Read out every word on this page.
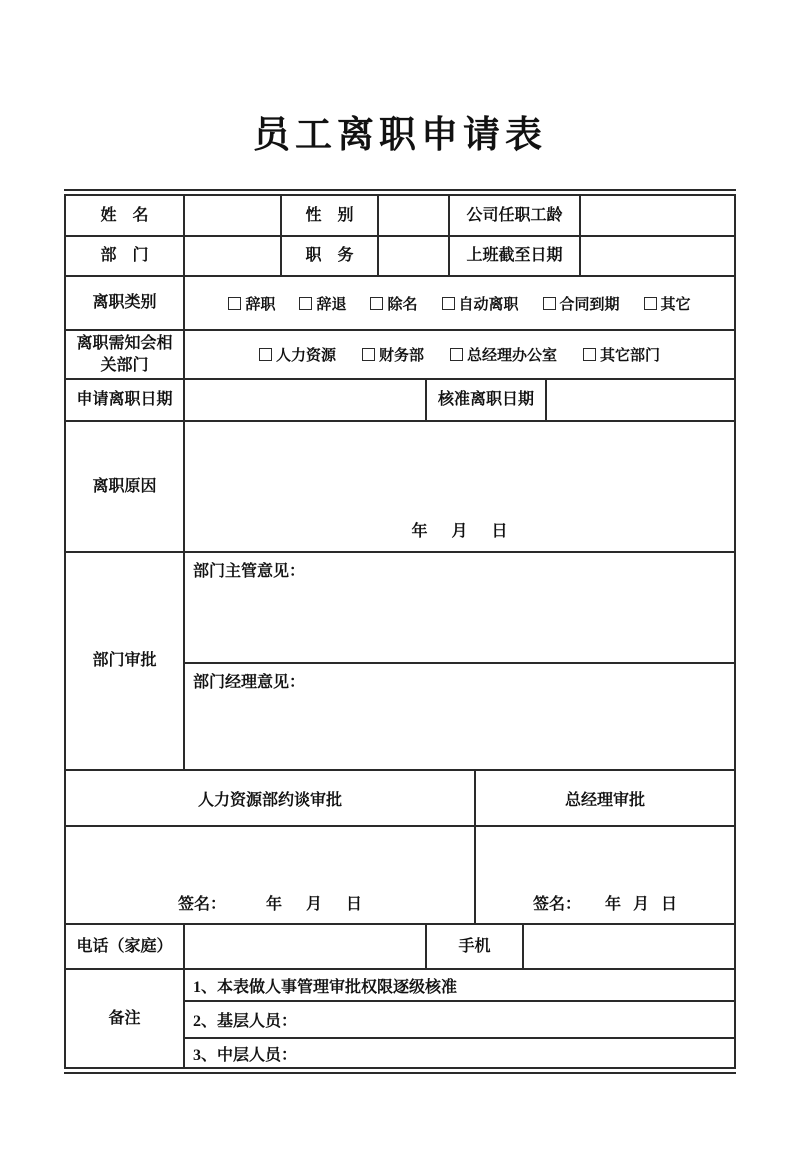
员工离职申请表
姓    名		性    别			公司任职工龄				
部    门		职    务			上班截至日期				
离职类别	辞职	辞退	除名	自动离职	合同到期	其它

离职需知会相关部门	人力资源 财务部 总经理办公室 其它部门								

申请离职日期				核准离职日期					
离职原因	年      月      日								
部门审批	部门主管意见：								
	部门经理意见：								
人力资源部约谈审批						总经理审批			
签名：          年      月      日						签名：      年   月   日			
电话（家庭）				手机					
备注	1、本表做人事管理审批权限逐级核准								
	2、基层人员：								
	3、中层人员：								
